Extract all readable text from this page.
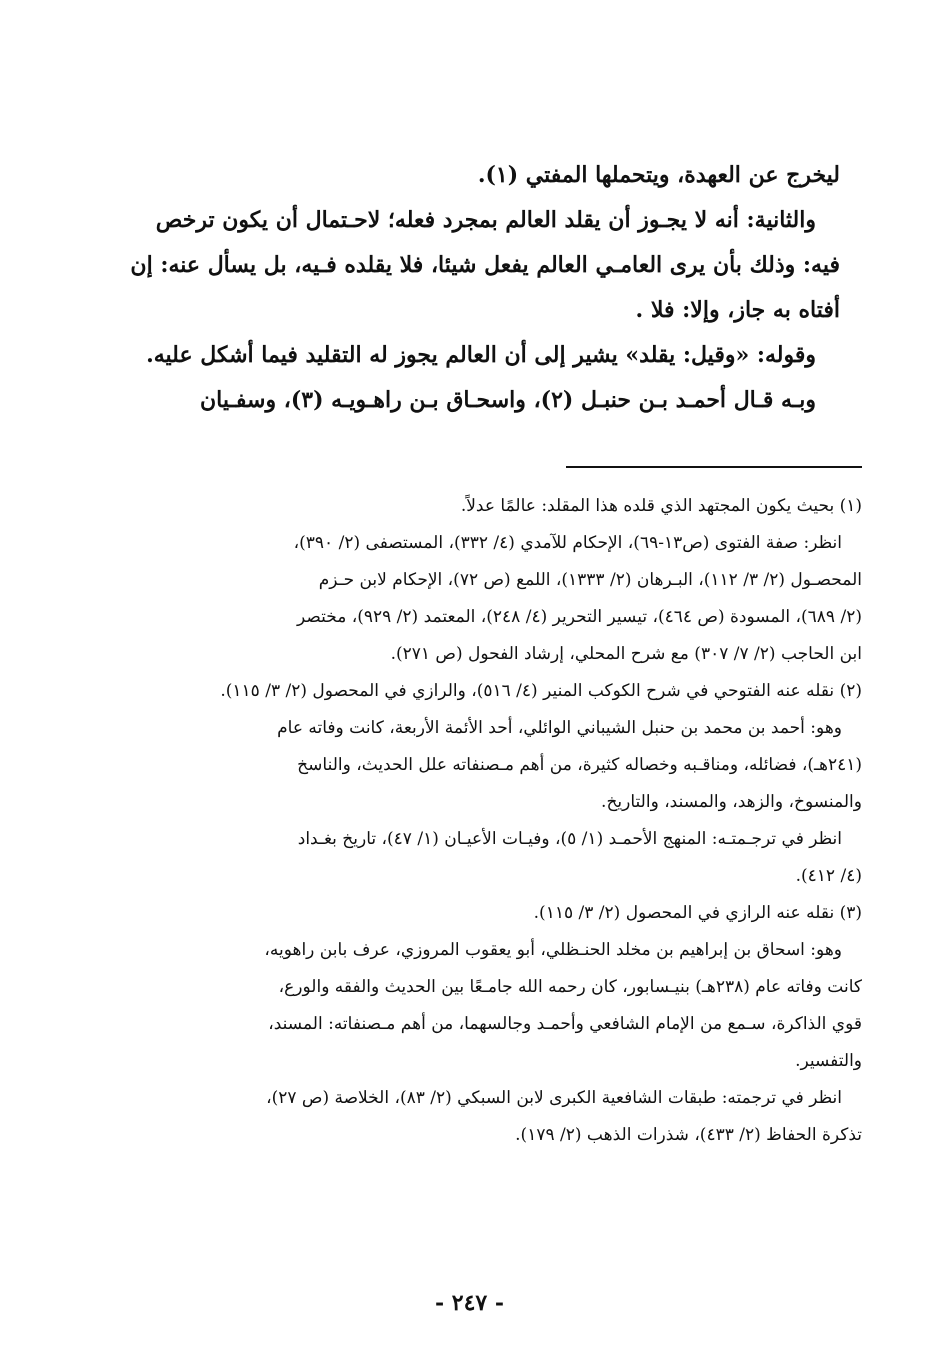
ليخرج عن العهدة، ويتحملها المفتي (١).
والثانية: أنه لا يجـوز أن يقلد العالم بمجرد فعله؛ لاحـتمال أن يكون ترخص
فيه: وذلك بأن يرى العامـي العالم يفعل شيئا، فلا يقلده فـيه، بل يسأل عنه: إن
أفتاه به جاز، وإلا: فلا .
وقوله: «وقيل: يقلد» يشير إلى أن العالم يجوز له التقليد فيما أشكل عليه.
وبـه قـال أحمـد بـن حنبـل (٢)، واسحـاق بـن راهـويـه (٣)، وسفـيان
(١) بحيث يكون المجتهد الذي قلده هذا المقلد: عالمًا عدلاً.
انظر: صفة الفتوى (ص١٣-٦٩)، الإحكام للآمدي (٤/ ٣٣٢)، المستصفى (٢/ ٣٩٠)،
المحصـول (٢/ ٣/ ١١٢)، البـرهان (٢/ ١٣٣٣)، اللمع (ص ٧٢)، الإحكام لابن حـزم
(٢/ ٦٨٩)، المسودة (ص ٤٦٤)، تيسير التحرير (٤/ ٢٤٨)، المعتمد (٢/ ٩٢٩)، مختصر
ابن الحاجب (٢/ ٧/ ٣٠٧) مع شرح المحلي، إرشاد الفحول (ص ٢٧١).
(٢) نقله عنه الفتوحي في شرح الكوكب المنير (٤/ ٥١٦)، والرازي في المحصول (٢/ ٣/ ١١٥).
وهو: أحمد بن محمد بن حنبل الشيباني الوائلي، أحد الأئمة الأربعة، كانت وفاته عام
(٢٤١هـ)، فضائله، ومناقـبه وخصاله كثيرة، من أهم مـصنفاته علل الحديث، والناسخ
والمنسوخ، والزهد، والمسند، والتاريخ.
انظر في ترجـمتـه: المنهج الأحمـد (١/ ٥)، وفيـات الأعيـان (١/ ٤٧)، تاريخ بغـداد
(٤/ ٤١٢).
(٣) نقله عنه الرازي في المحصول (٢/ ٣/ ١١٥).
وهو: اسحاق بن إبراهيم بن مخلد الحنـظلي، أبو يعقوب المروزي، عرف بابن راهويه،
كانت وفاته عام (٢٣٨هـ) بنيـسابور، كان رحمه الله جامـعًا بين الحديث والفقه والورع،
قوي الذاكرة، سـمع من الإمام الشافعي وأحمـد وجالسهما، من أهم مـصنفاته: المسند،
والتفسير.
انظر في ترجمته: طبقات الشافعية الكبرى لابن السبكي (٢/ ٨٣)، الخلاصة (ص ٢٧)،
تذكرة الحفاظ (٢/ ٤٣٣)، شذرات الذهب (٢/ ١٧٩).
- ٢٤٧ -
